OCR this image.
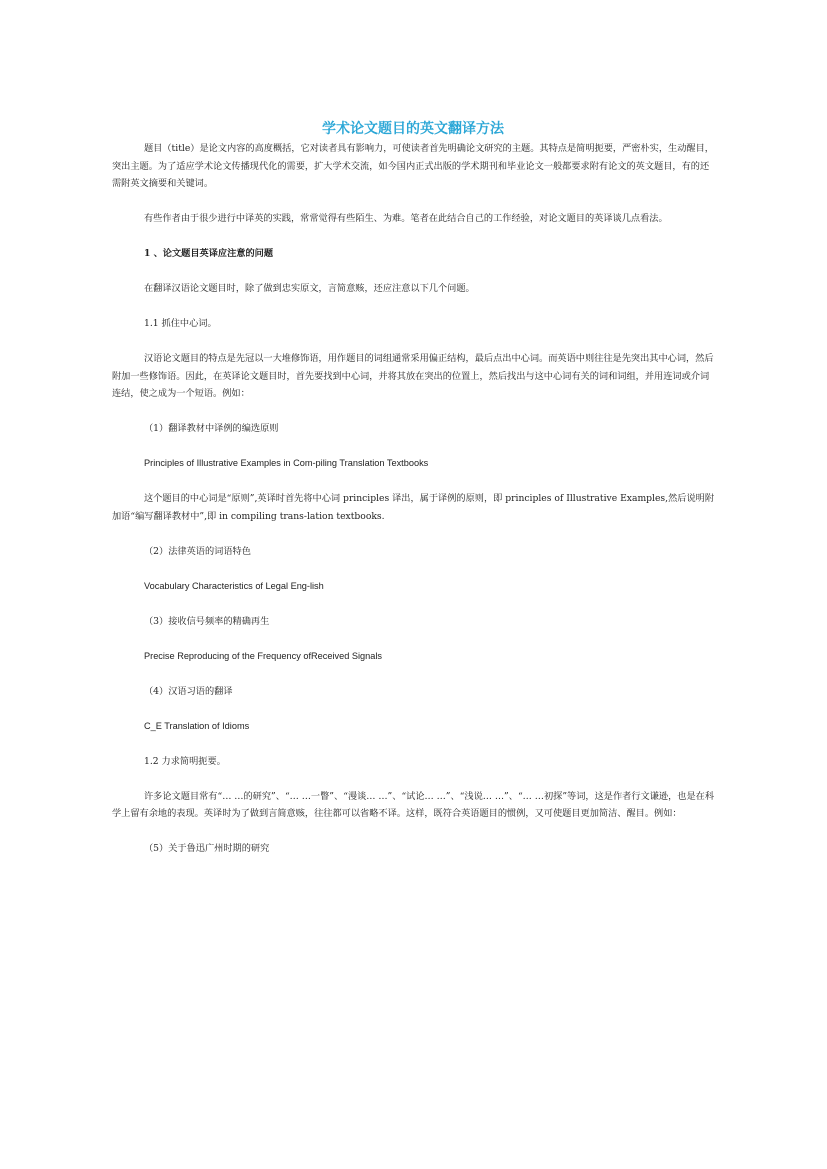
学术论文题目的英文翻译方法

题目（title）是论文内容的高度概括，它对读者具有影响力，可使读者首先明确论文研究的主题。其特点是简明扼要，严密朴实，生动醒目，突出主题。为了适应学术论文传播现代化的需要，扩大学术交流，如今国内正式出版的学术期刊和毕业论文一般都要求附有论文的英文题目，有的还需附英文摘要和关键词。

有些作者由于很少进行中译英的实践，常常觉得有些陌生、为难。笔者在此结合自己的工作经验，对论文题目的英译谈几点看法。

1 、论文题目英译应注意的问题

在翻译汉语论文题目时，除了做到忠实原文，言简意赅，还应注意以下几个问题。

1.1 抓住中心词。

汉语论文题目的特点是先冠以一大堆修饰语，用作题目的词组通常采用偏正结构，最后点出中心词。而英语中则往往是先突出其中心词，然后附加一些修饰语。因此，在英译论文题目时，首先要找到中心词，并将其放在突出的位置上，然后找出与这中心词有关的词和词组，并用连词或介词连结，使之成为一个短语。例如：

（1）翻译教材中译例的编选原则

Principles of Illustrative Examples in Com-piling Translation Textbooks

这个题目的中心词是“原则”,英译时首先将中心词 principles 译出，属于译例的原则，即 principles of Illustrative Examples,然后说明附加语“编写翻译教材中”,即 in compiling trans-lation textbooks.

（2）法律英语的词语特色

Vocabulary Characteristics of Legal Eng-lish

（3）接收信号频率的精确再生

Precise Reproducing of the Frequency ofReceived Signals

（4）汉语习语的翻译

C_E Translation of Idioms

1.2 力求简明扼要。

许多论文题目常有“… …的研究”、“… …一瞥”、“漫谈… …”、“试论… …”、“浅说… …”、“… …初探”等词，这是作者行文谦逊，也是在科学上留有余地的表现。英译时为了做到言简意赅，往往都可以省略不译。这样，既符合英语题目的惯例，又可使题目更加简洁、醒目。例如：

（5）关于鲁迅广州时期的研究
